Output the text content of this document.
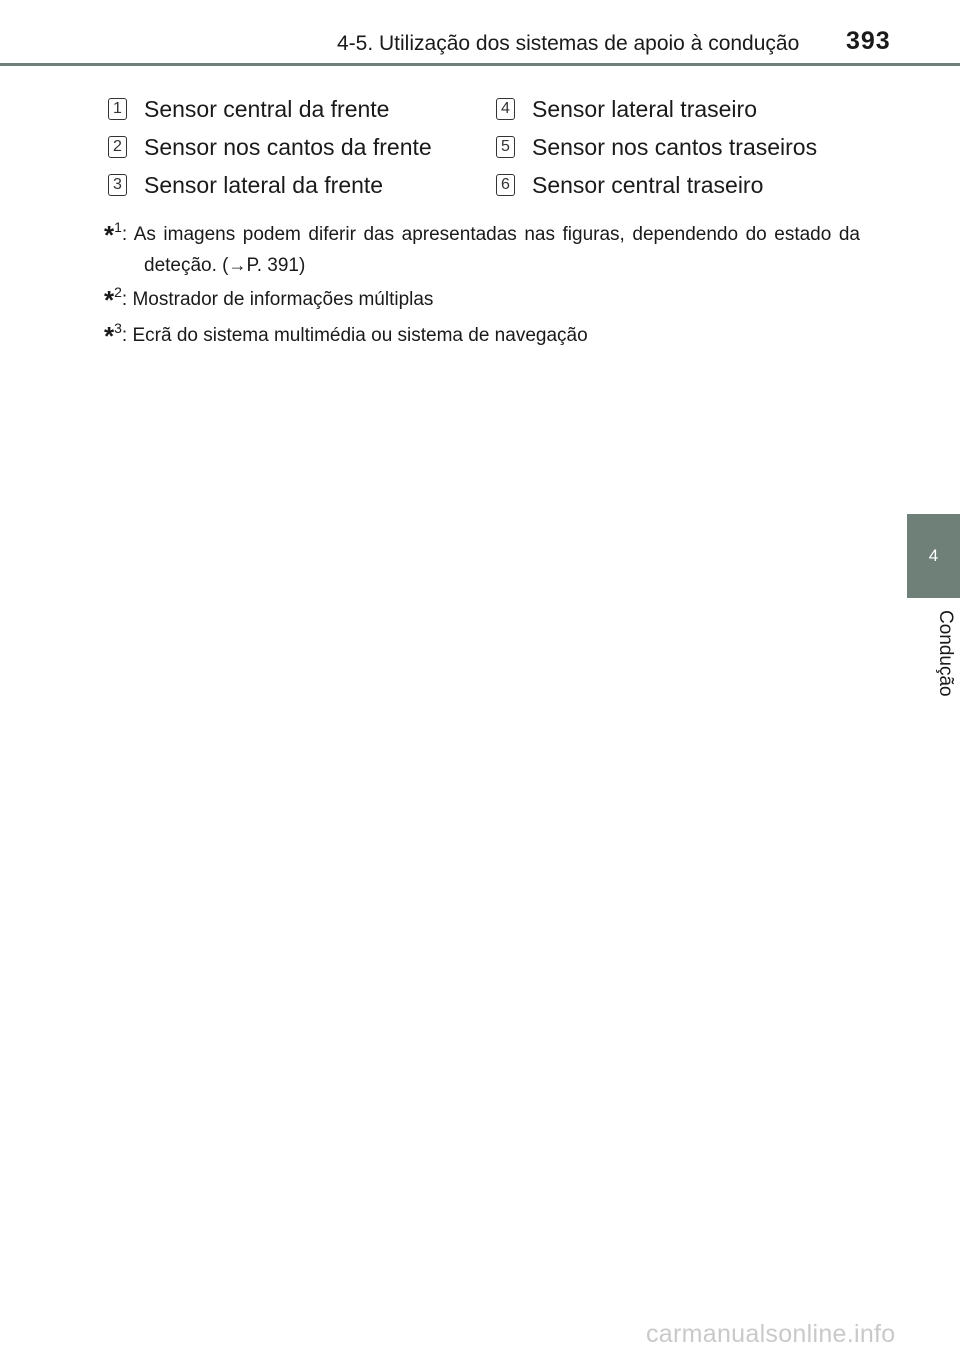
4-5. Utilização dos sistemas de apoio à condução 393
4
Condução
1 Sensor central da frente
2 Sensor nos cantos da frente
3 Sensor lateral da frente
4 Sensor lateral traseiro
5 Sensor nos cantos traseiros
6 Sensor central traseiro
*$^1$: As imagens podem diferir das apresentadas nas figuras, dependendo do estado da deteção. (→P. 391)
*$^2$: Mostrador de informações múltiplas
*$^3$: Ecrã do sistema multimédia ou sistema de navegação
carmanualsonline.info
